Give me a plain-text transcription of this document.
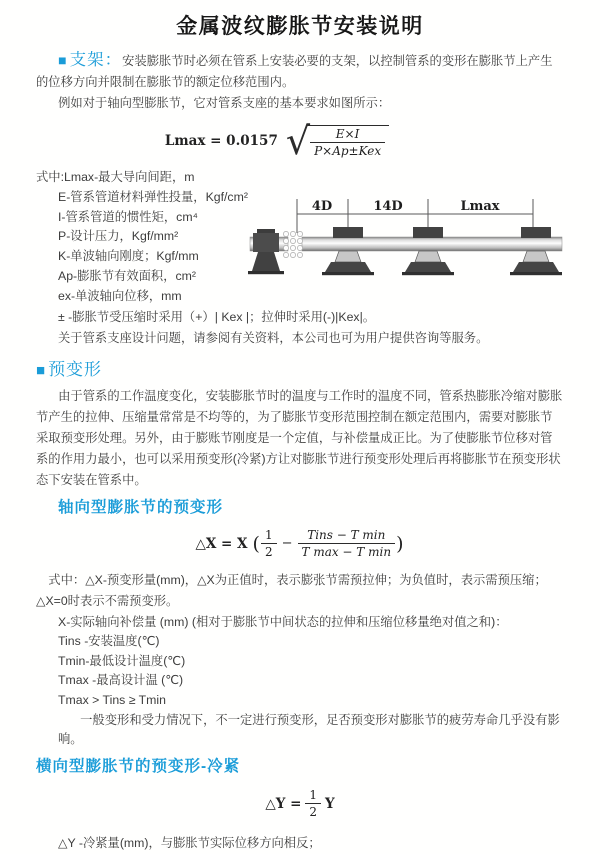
金属波纹膨胀节安装说明

■ 支架：安装膨胀节时必须在管系上安装必要的支架，以控制管系的变形在膨胀节上产生的位移方向并限制在膨胀节的额定位移范围内。

例如对于轴向型膨胀节，它对管系支座的基本要求如图所示：

Lmax = 0.0157 √ $\frac{E\times I}{\text{P×Ap±Kex}}$
式中:Lmax-最大导向间距，m
E-管系管道材料弹性投量，Kgf/cm²
I-管系管道的惯性矩，cm⁴
P-设计压力，Kgf/mm²
K-单波轴向刚度；Kgf/mm
Ap-膨胀节有效面积，cm²
ex-单波轴向位移，mm
4D	14D	Lmax

± -膨胀节受压缩时采用（+）| Kex |；拉伸时采用(-)|Kex|。

关于管系支座设计问题，请参阅有关资料，本公司也可为用户提供咨询等服务。

■ 预变形

由于管系的工作温度变化，安装膨胀节时的温度与工作时的温度不同，管系热膨胀冷缩对膨胀节产生的拉伸、压缩量常常是不均等的，为了膨胀节变形范围控制在额定范围内，需要对膨胀节采取预变形处理。另外，由于膨账节刚度是一个定值，与补偿量成正比。为了使膨胀节位移对管系的作用力最小，也可以采用预变形(冷紧)方让对膨胀节进行预变形处理后再将膨胀节在预变形状态下安装在管系中。

轴向型膨胀节的预变形
△X = X ( $\frac{1}{2} - \frac{\text{Tins − T min}}{\text{T max − T min}}$ )

式中：△X-预变形量(mm)，△X为正值时，表示膨张节需预拉伸；为负值时，表示需预压缩；△X=0时表示不需预变形。

X-实际轴向补偿量 (mm) (相对于膨胀节中间状态的拉伸和压缩位移量绝对值之和)：
Tins -安装温度(℃)
Tmin-最低设计温度(℃)
Tmax -最高设计温 (℃)
Tmax > Tins ≥ Tmin
一般变形和受力情况下，不一定进行预变形，足否预变形对膨胀节的疲劳寿命几乎没有影响。
横向型膨胀节的预变形-冷紧
△Y = $\frac{1}{2}$ Y

△Y -冷紧量(mm)，与膨胀节实际位移方向相反；
